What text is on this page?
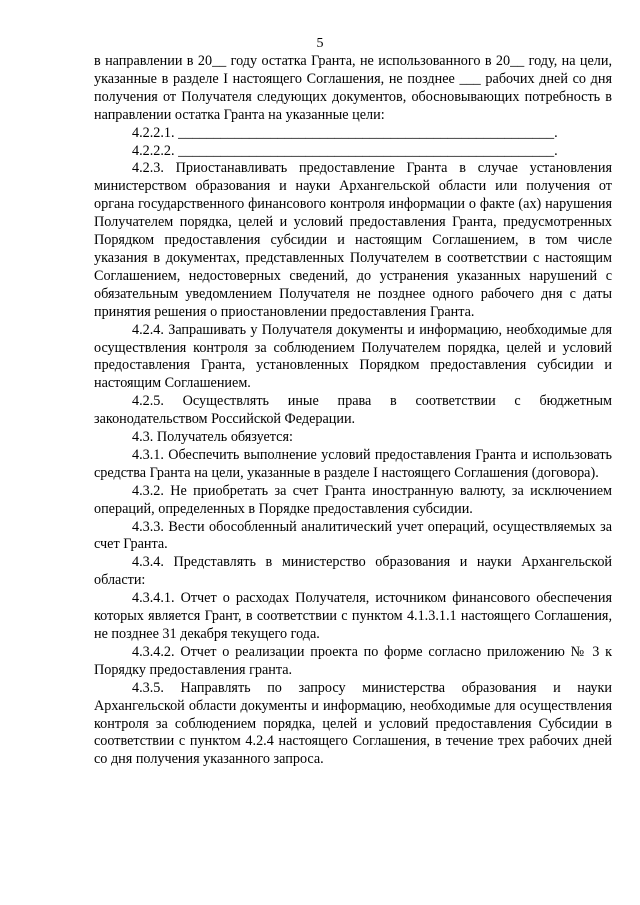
5

в направлении в 20__ году остатка Гранта, не использованного в 20__ году, на цели, указанные в разделе I настоящего Соглашения, не позднее ___ рабочих дней со дня получения от Получателя следующих документов, обосновывающих потребность в направлении остатка Гранта на указанные цели:

4.2.2.1. _____________________________________________________.

4.2.2.2. _____________________________________________________.

4.2.3. Приостанавливать предоставление Гранта в случае установления министерством образования и науки Архангельской области или получения от органа государственного финансового контроля информации о факте (ах) нарушения Получателем порядка, целей и условий предоставления Гранта, предусмотренных Порядком предоставления субсидии и настоящим Соглашением, в том числе указания в документах, представленных Получателем в соответствии с настоящим Соглашением, недостоверных сведений, до устранения указанных нарушений с обязательным уведомлением Получателя не позднее одного рабочего дня с даты принятия решения о приостановлении предоставления Гранта.

4.2.4. Запрашивать у Получателя документы и информацию, необходимые для осуществления контроля за соблюдением Получателем порядка, целей и условий предоставления Гранта, установленных Порядком предоставления субсидии и настоящим Соглашением.

4.2.5. Осуществлять иные права в соответствии с бюджетным законодательством Российской Федерации.

4.3. Получатель обязуется:

4.3.1. Обеспечить выполнение условий предоставления Гранта и использовать средства Гранта на цели, указанные в разделе I настоящего Соглашения (договора).

4.3.2. Не приобретать за счет Гранта иностранную валюту, за исключением операций, определенных в Порядке предоставления субсидии.

4.3.3. Вести обособленный аналитический учет операций, осуществляемых за счет Гранта.

4.3.4. Представлять в министерство образования и науки Архангельской области:

4.3.4.1. Отчет о расходах Получателя, источником финансового обеспечения которых является Грант, в соответствии с пунктом 4.1.3.1.1 настоящего Соглашения, не позднее 31 декабря текущего года.

4.3.4.2. Отчет о реализации проекта по форме согласно приложению № 3 к Порядку предоставления гранта.

4.3.5. Направлять по запросу министерства образования и науки Архангельской области документы и информацию, необходимые для осуществления контроля за соблюдением порядка, целей и условий предоставления Субсидии в соответствии с пунктом 4.2.4 настоящего Соглашения, в течение трех рабочих дней со дня получения указанного запроса.
